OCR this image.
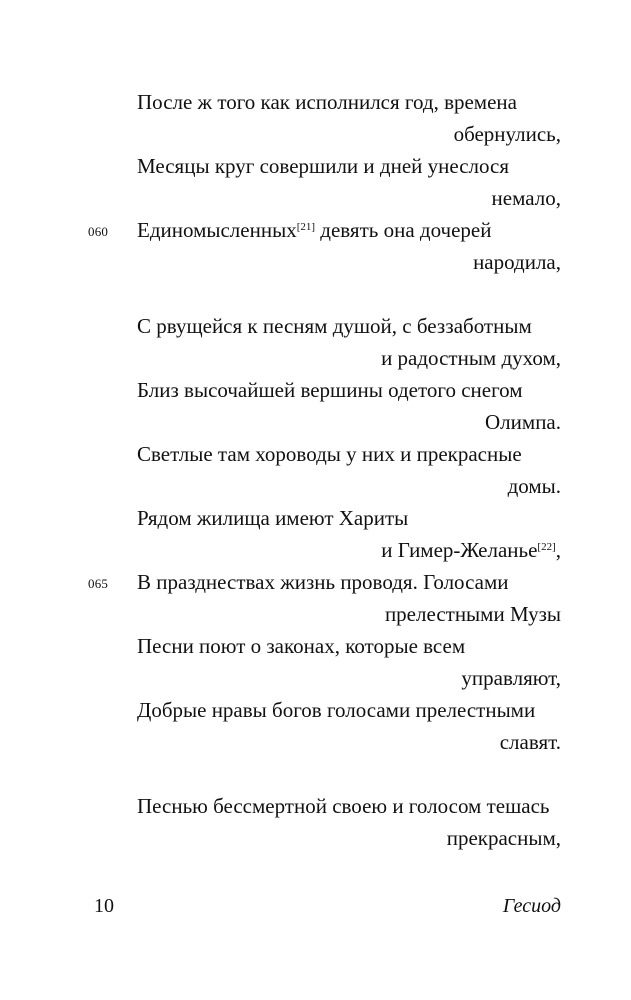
После ж того как исполнился год, времена
обернулись,
Месяцы круг совершили и дней унеслося
немало,
060 Единомысленных[21] девять она дочерей
народила,
С рвущейся к песням душой, с беззаботным
и радостным духом,
Близ высочайшей вершины одетого снегом
Олимпа.
Светлые там хороводы у них и прекрасные
домы.
Рядом жилища имеют Хариты
и Гимер-Желанье[22],
065 В празднествах жизнь проводя. Голосами
прелестными Музы
Песни поют о законах, которые всем
управляют,
Добрые нравы богов голосами прелестными
славят.
Песнью бессмертной своею и голосом тешась
прекрасным,
10	Гесиод
